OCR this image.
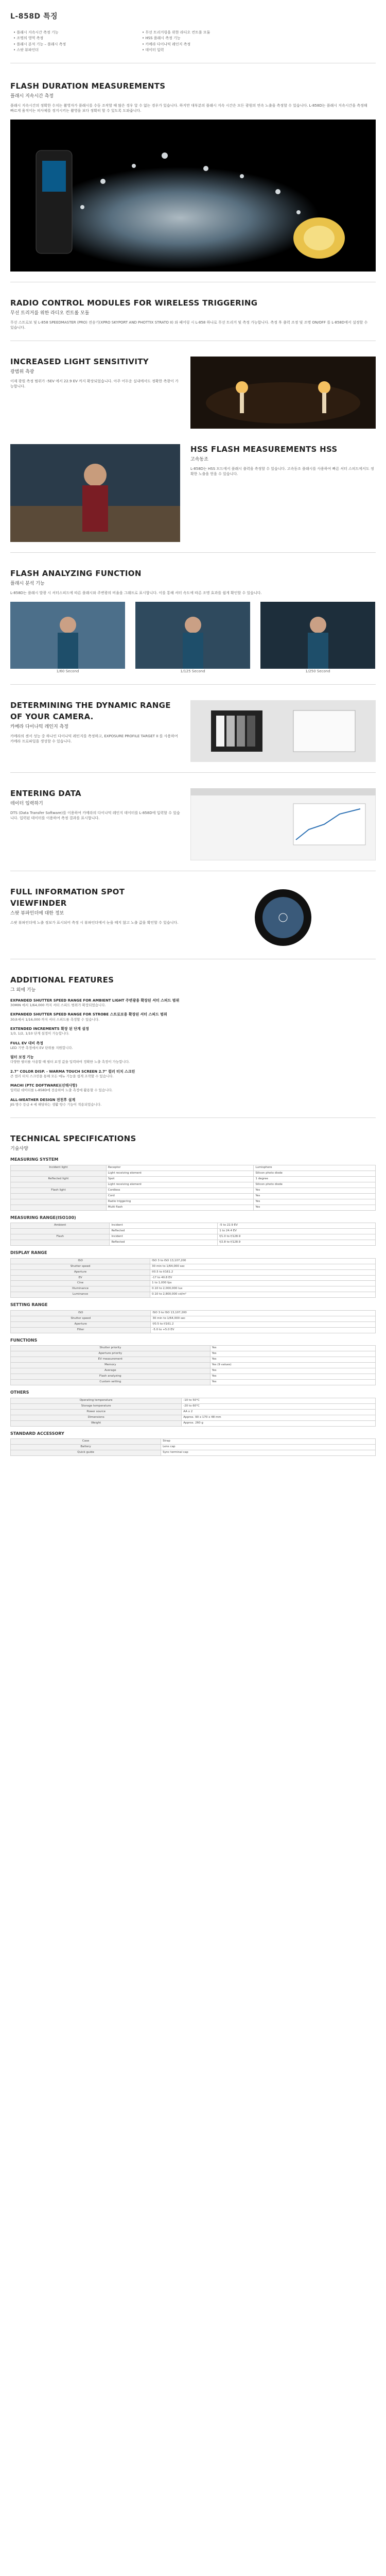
L-858D 특징
• 플래시 지속시간 측정 기능	• 무선 트리거링을 위한 라디오 컨트롤 모듈
• 조명의 영역 측정	• HSS 플래시 측정 기능
• 플래시 분석 기능 – 플래시 측정	• 카메라 다이나믹 레인지 측정
• 스팟 뷰파인더	• 데이터 입력
FLASH DURATION MEASUREMENTS
플래시 지속시간 측정
플래시 지속시간의 정확한 수치는 촬영자가 플래시를 수동 조작할 때 많은 경우 알 수 없는 경우가 있습니다. 하지만 대부분의 플래시 지속 시간은 모든 광원의 연속 노출을 측정할 수 있습니다. L-858D는 플래시 지속시간을 측정해 빠르게 움직이는 피사체를 정지시키는 촬영을 보다 정확히 할 수 있도록 도와줍니다.
RADIO CONTROL MODULES FOR WIRELESS TRIGGERING
무선 트리거를 위한 라디오 컨트롤 모듈
무선 스트로보 및 L-858 SPEEDMASTER (PRO) 전송기(XPRO SKYPORT AND PHOTTIX STRATO II) 와 페어링 시 L-858 하나로 무선 트리거 및 측정 가능합니다. 측정 후 출력 조정 및 조명 ON/OFF 를 L-858D에서 설정할 수 있습니다.
INCREASED LIGHT SENSITIVITY
광범위 측광
이제 광원 측정 범위가 -5EV 에서 22.9 EV 까지 확장되었습니다. 아주 어두운 실내에서도 정확한 측광이 가능합니다.
HSS FLASH MEASUREMENTS HSS
고속동조
L-858D는 HSS 모드에서 플래시 출력을 측정할 수 있습니다. 고속동조 플래시를 사용하여 빠른 셔터 스피드에서도 정확한 노출을 얻을 수 있습니다.
FLASH ANALYZING FUNCTION
플래시 분석 기능
L-858D는 플래시 발광 시 셔터스피드에 따른 플래시와 주변광의 비율을 그래프로 표시합니다. 이를 통해 셔터 속도에 따른 조명 효과를 쉽게 확인할 수 있습니다.
1/60 Second	1/125 Second	1/250 Second
DETERMINING THE DYNAMIC RANGE OF YOUR CAMERA.
카메라 다이나믹 레인지 측정
카메라의 센서 성능 중 하나인 다이나믹 레인지를 측정하고, EXPOSURE PROFILE TARGET II 를 사용하여 카메라 프로파일을 생성할 수 있습니다.
ENTERING DATA
데이터 입력하기
DTS (Data Transfer Software)를 이용하여 카메라의 다이나믹 레인지 데이터를 L-858D에 입력할 수 있습니다. 입력된 데이터를 이용하여 측정 결과를 표시합니다.
FULL INFORMATION SPOT VIEWFINDER
스팟 뷰파인더에 대한 정보
스팟 뷰파인더에 노출 정보가 표시되어 측정 시 뷰파인더에서 눈을 떼지 않고 노출 값을 확인할 수 있습니다.
ADDITIONAL FEATURES
그 외에 기능
EXPANDED SHUTTER SPEED RANGE FOR AMBIENT LIGHT 주변광용 확장된 셔터 스피드 범위
30MIN 에서 1/64,000 까지 셔터 스피드 범위가 확장되었습니다.
EXPANDED SHUTTER SPEED RANGE FOR STROBE 스트로보용 확장된 셔터 스피드 범위
30초에서 1/16,000 까지 셔터 스피드를 측정할 수 있습니다.
EXTENDED INCREMENTS 확장 된 단계 설정
1/3, 1/2, 1/10 단계 설정이 가능합니다.
FULL EV 대비 측정
LED 기반 측정에서 EV 단위를 지원합니다.
필터 보정 기능
다양한 필터를 사용할 때 필터 보정 값을 입력하여 정확한 노출 측정이 가능합니다.
2.7" COLOR DISP. - WARMA TOUCH SCREEN 2.7" 컬러 터치 스크린
큰 컬러 터치 스크린을 통해 모든 메뉴 기능을 쉽게 조작할 수 있습니다.
MACHI (PTC DOFTWARE)(선택사항)
입력된 데이터를 L-858D에 전송하여 노출 측정에 활용할 수 있습니다.
ALL-WEATHER DESIGN 전천후 설계
JIS 방수 등급 4 에 해당하는 생활 방수 기능이 적용되었습니다.
TECHNICAL SPECIFICATIONS
기술사양
MEASURING SYSTEM
Incident light	Receptor	Lumisphere
	Light receiving element	Silicon photo diode
Reflected light	Spot	1 degree
	Light receiving element	Silicon photo diode
Flash light	Cordless	Yes
	Cord	Yes
	Radio triggering	Yes
	Multi flash	Yes
MEASURING RANGE(ISO100)
Ambient	Incident	-5 to 22.9 EV
	Reflected	1 to 24.4 EV
Flash	Incident	f/1.0 to f/128.9
	Reflected	f/2.8 to f/128.9
DISPLAY RANGE
ISO	ISO 3 to ISO 13,107,200
Shutter speed	30 min to 1/64,000 sec
Aperture	f/0.5 to f/161.2
EV	-17 to 40.8 EV
Cine	1 to 1,000 fps
Illuminance	0.10 to 2,000,000 lux
Luminance	0.10 to 2,800,000 cd/m²
SETTING RANGE
ISO	ISO 3 to ISO 13,107,200
Shutter speed	30 min to 1/64,000 sec
Aperture	f/0.5 to f/161.2
Filter	-5.0 to +5.0 EV
FUNCTIONS
Shutter priority	Yes
Aperture priority	Yes
EV measurement	Yes
Memory	Yes (9 values)
Average	Yes
Flash analyzing	Yes
Custom setting	Yes
OTHERS
Operating temperature	-10 to 50°C
Storage temperature	-20 to 60°C
Power source	AA x 2
Dimensions	Approx. 90 x 170 x 48 mm
Weight	Approx. 260 g
STANDARD ACCESSORY
Case	Strap
Battery	Lens cap
Quick guide	Sync terminal cap
